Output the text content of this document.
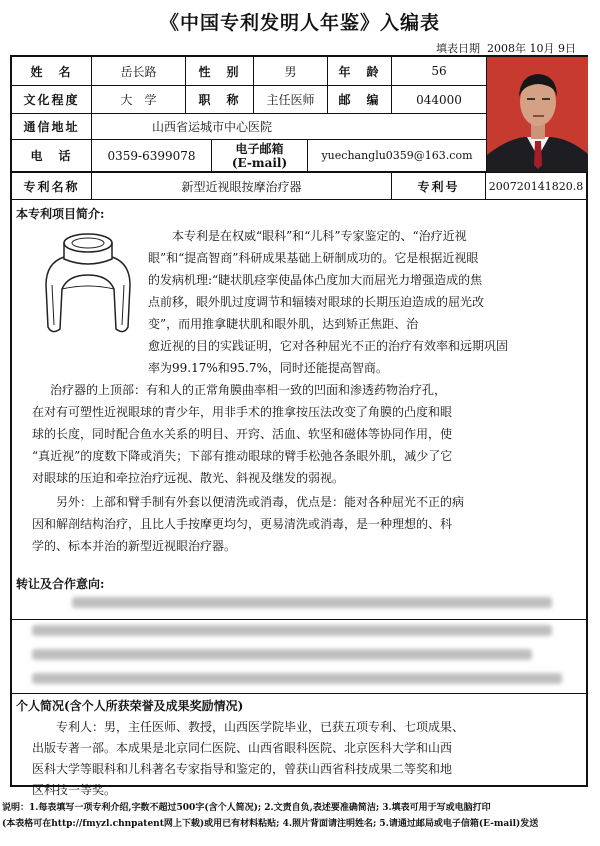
《中国专利发明人年鉴》入编表
填表日期 2008年 10月 9日
姓　名	岳长路	性　别	男	年　龄	56
文化程度	大　学	职　称	主任医师	邮　编	044000
通信地址	山西省运城市中心医院
电　话	0359-6399078	电子邮箱
(E-mail)	yuechanglu0359@163.com
专利名称	新型近视眼按摩治疗器	专利号	200720141820.8
本专利项目简介:
本专利是在权威“眼科”和“儿科”专家鉴定的、“治疗近视
眼”和“提高智商”科研成果基础上研制成功的。它是根据近视眼
的发病机理:“睫状肌痉挛使晶体凸度加大而屈光力增强造成的焦
点前移，眼外肌过度调节和辐辏对眼球的长期压迫造成的屈光改
变”，而用推拿睫状肌和眼外肌，达到矫正焦距、治
愈近视的目的实践证明，它对各种屈光不正的治疗有效率和远期巩固
率为99.17%和95.7%，同时还能提高智商。
治疗器的上顶部：有和人的正常角膜曲率相一致的凹面和渗透药物治疗孔，
在对有可塑性近视眼球的青少年，用非手术的推拿按压法改变了角膜的凸度和眼
球的长度，同时配合鱼水关系的明目、开窍、活血、软坚和磁体等协同作用，使
“真近视”的度数下降或消失；下部有推动眼球的臂手松弛各条眼外肌，减少了它
对眼球的压迫和牵拉治疗远视、散光、斜视及继发的弱视。
另外：上部和臂手制有外套以便清洗或消毒，优点是：能对各种屈光不正的病
因和解剖结构治疗，且比人手按摩更均匀，更易清洗或消毒，是一种理想的、科
学的、标本并治的新型近视眼治疗器。
转让及合作意向:
个人简况(含个人所获荣誉及成果奖励情况)
专利人：男，主任医师、教授，山西医学院毕业，已获五项专利、七项成果、
出版专著一部。本成果是北京同仁医院、山西省眼科医院、北京医科大学和山西
医科大学等眼科和儿科著名专家指导和鉴定的，曾获山西省科技成果二等奖和地
区科技一等奖。
说明：1.每表填写一项专利介绍,字数不超过500字(含个人简况); 2.文责自负,表述要准确简洁; 3.填表可用于写或电脑打印
(本表格可在http://fmyzl.chnpatent网上下载)或用已有材料粘贴; 4.照片背面请注明姓名; 5.请通过邮局或电子信箱(E-mail)发送
